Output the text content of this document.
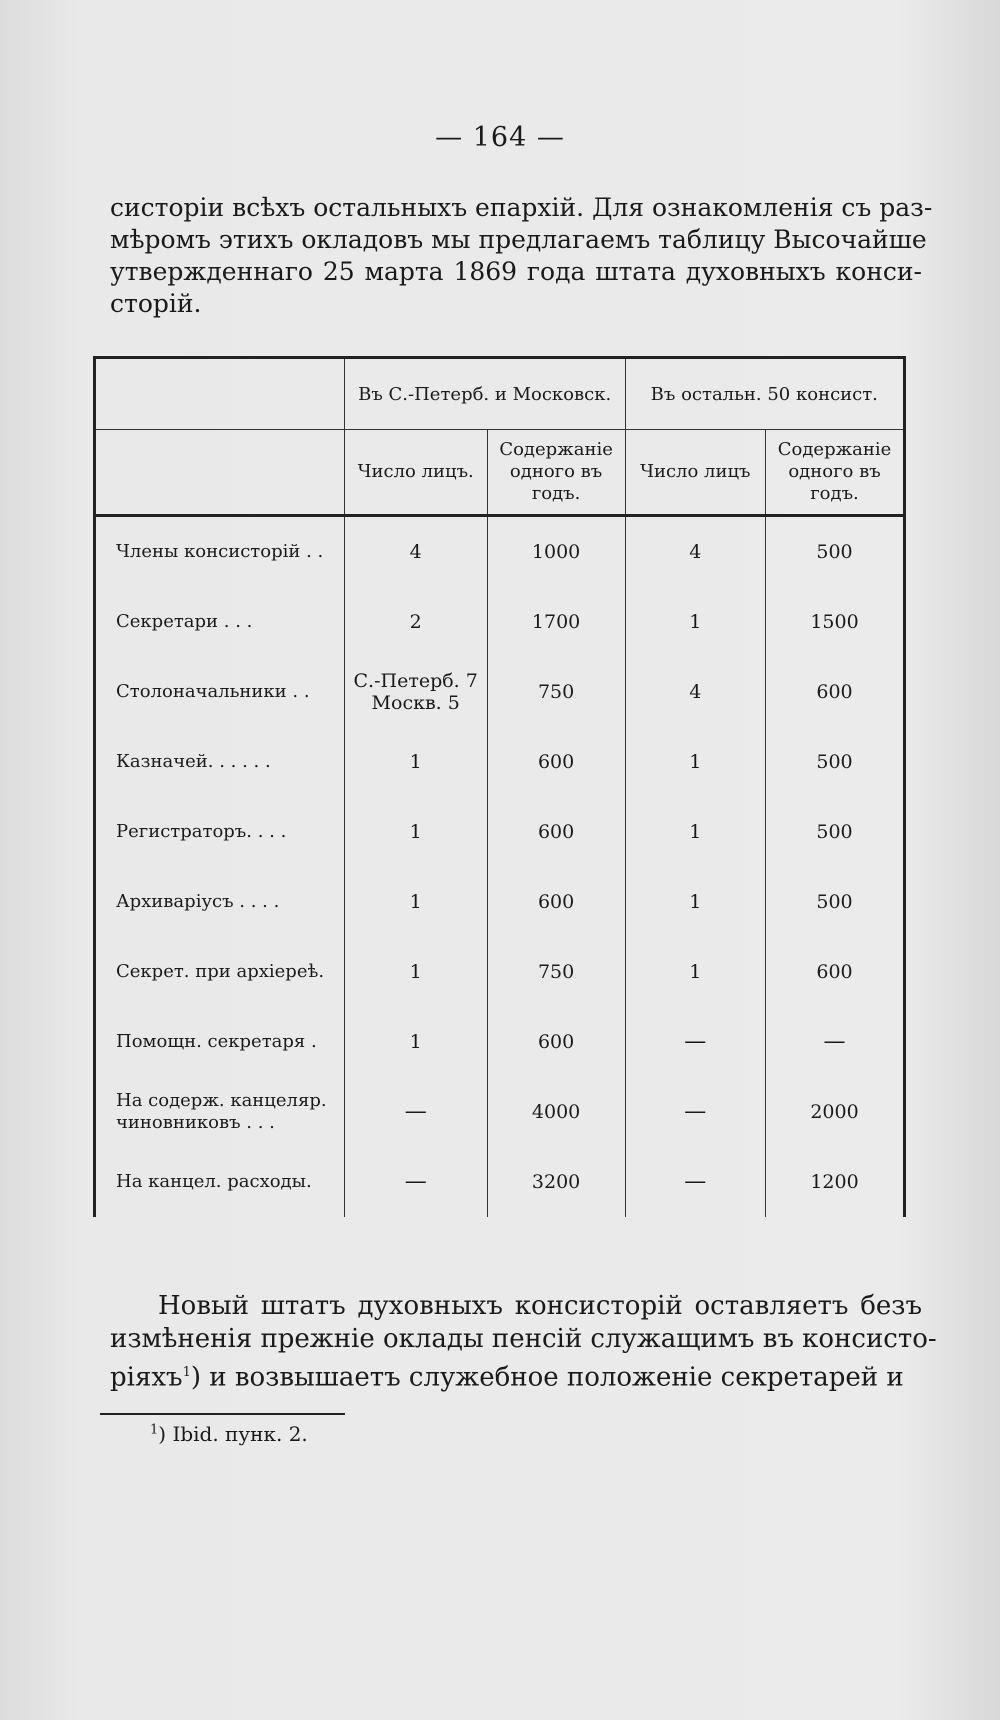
— 164 —
систоріи всѣхъ остальныхъ епархій. Для ознакомленія съ раз-
мѣромъ этихъ окладовъ мы предлагаемъ таблицу Высочайше
утвержденнаго 25 марта 1869 года штата духовныхъ конси-
сторій.
	Въ С.-Петерб. и Московск.		Въ остальн. 50 консист.	
	Число лицъ.	Содержаніе одного въ годъ.	Число лицъ	Содержаніе одного въ годъ.

Члены консисторій . .	4	1000	4	500

Секретари . . .	2	1700	1	1500

Столоначальники . .	С.-Петерб. 7
Москв. 5	750	4	600

Казначей. . . . . .	1	600	1	500

Регистраторъ. . . .	1	600	1	500

Архиваріусъ . . . .	1	600	1	500

Секрет. при архіереѣ.	1	750	1	600

Помощн. секретаря .	1	600	—	—

На содерж. канцеляр.
чиновниковъ . . .	—	4000	—	2000

На канцел. расходы.	—	3200	—	1200
Новый штатъ духовныхъ консисторій оставляетъ безъ
измѣненія прежніе оклады пенсій служащимъ въ консисто-
ріяхъ$^1$) и возвышаетъ служебное положеніе секретарей и
$^1$) Ibid. пунк. 2.
